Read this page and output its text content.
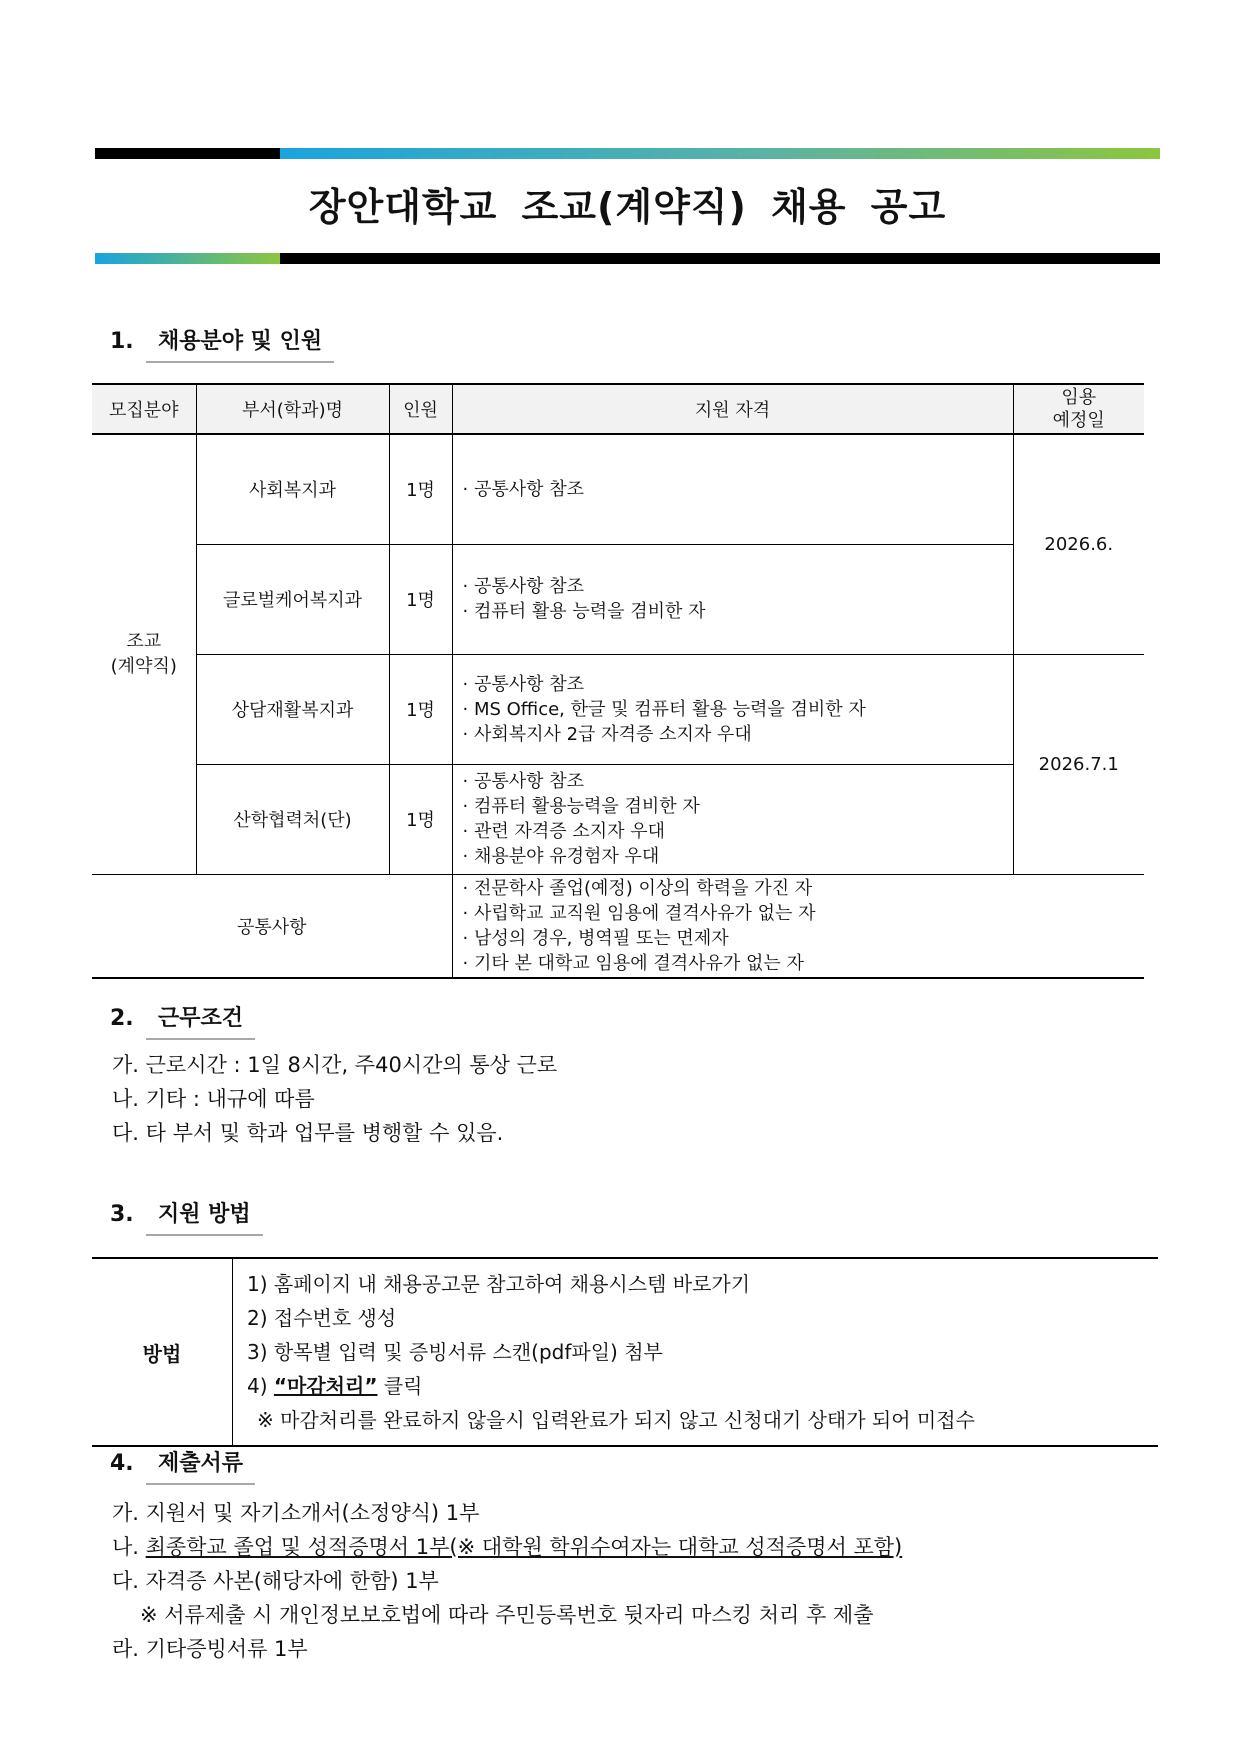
장안대학교 조교(계약직) 채용 공고
1. 채용분야 및 인원
모집분야	부서(학과)명	인원	지원 자격	임용
예정일
조교
(계약직)	사회복지과	1명	· 공통사항 참조	2026.6.
	글로벌케어복지과	1명	· 공통사항 참조
· 컴퓨터 활용 능력을 겸비한 자	
	상담재활복지과	1명	· 공통사항 참조
· MS Office, 한글 및 컴퓨터 활용 능력을 겸비한 자
· 사회복지사 2급 자격증 소지자 우대	2026.7.1
	산학협력처(단)	1명	· 공통사항 참조
· 컴퓨터 활용능력을 겸비한 자
· 관련 자격증 소지자 우대
· 채용분야 유경험자 우대	
공통사항			· 전문학사 졸업(예정) 이상의 학력을 가진 자
· 사립학교 교직원 임용에 결격사유가 없는 자
· 남성의 경우, 병역필 또는 면제자
· 기타 본 대학교 임용에 결격사유가 없는 자	
2. 근무조건
가. 근로시간 : 1일 8시간, 주40시간의 통상 근로
나. 기타 : 내규에 따름
다. 타 부서 및 학과 업무를 병행할 수 있음.
3. 지원 방법
방법	
1) 홈페이지 내 채용공고문 참고하여 채용시스템 바로가기
2) 접수번호 생성
3) 항목별 입력 및 증빙서류 스캔(pdf파일) 첨부
4) “마감처리” 클릭
※ 마감처리를 완료하지 않을시 입력완료가 되지 않고 신청대기 상태가 되어 미접수
4. 제출서류
가. 지원서 및 자기소개서(소정양식) 1부
나. 최종학교 졸업 및 성적증명서 1부(※ 대학원 학위수여자는 대학교 성적증명서 포함)
다. 자격증 사본(해당자에 한함) 1부
※ 서류제출 시 개인정보보호법에 따라 주민등록번호 뒷자리 마스킹 처리 후 제출
라. 기타증빙서류 1부
